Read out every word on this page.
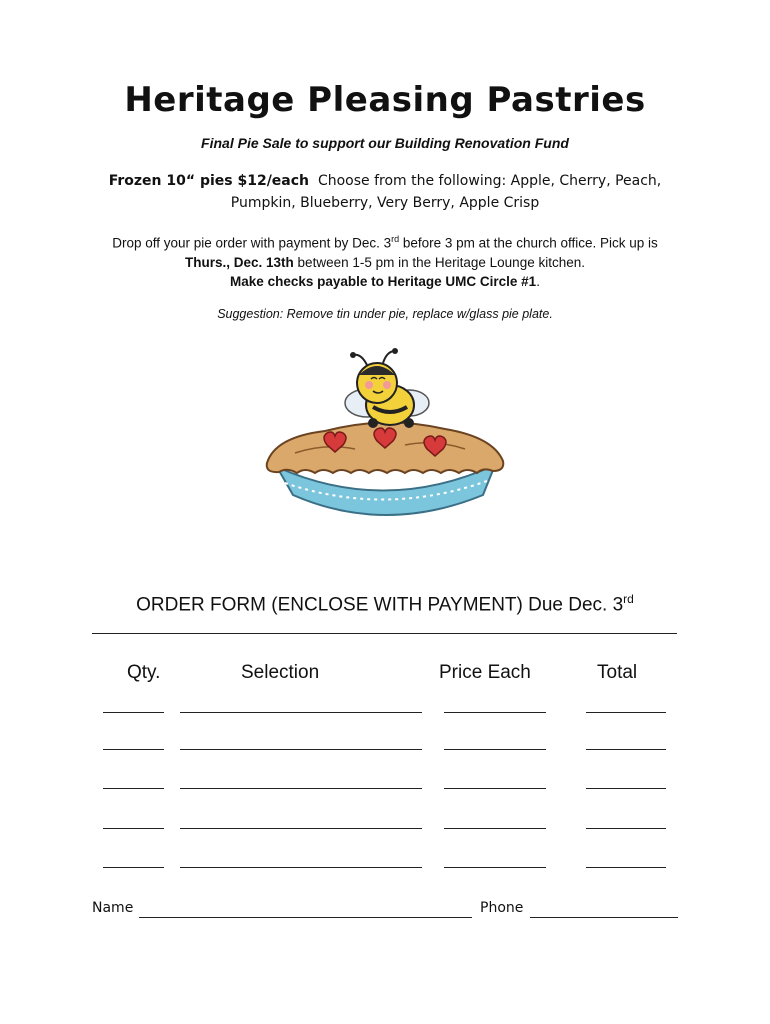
Heritage Pleasing Pastries
Final Pie Sale to support our Building Renovation Fund
Frozen 10“ pies $12/each Choose from the following: Apple, Cherry, Peach,
Pumpkin, Blueberry, Very Berry, Apple Crisp
Drop off your pie order with payment by Dec. 3rd before 3 pm at the church office. Pick up is Thurs., Dec. 13th between 1-5 pm in the Heritage Lounge kitchen.
Make checks payable to Heritage UMC Circle #1.
Suggestion: Remove tin under pie, replace w/glass pie plate.
ORDER FORM (ENCLOSE WITH PAYMENT) Due Dec. 3rd
Qty.	Selection	Price Each	Total
Name	Phone
